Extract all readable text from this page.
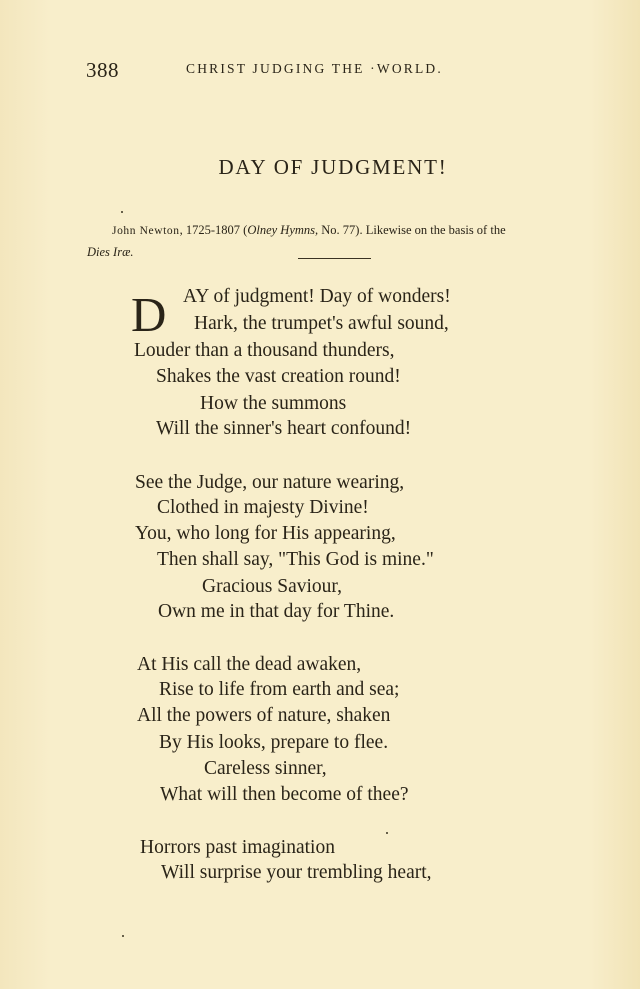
388	CHRIST JUDGING THE ·WORLD.
DAY OF JUDGMENT!
John Newton, 1725-1807 (Olney Hymns, No. 77). Likewise on the basis of the
Dies Iræ.
D AY of judgment! Day of wonders!
Hark, the trumpet's awful sound,
Louder than a thousand thunders,
Shakes the vast creation round!
How the summons
Will the sinner's heart confound!
See the Judge, our nature wearing,
Clothed in majesty Divine!
You, who long for His appearing,
Then shall say, "This God is mine."
Gracious Saviour,
Own me in that day for Thine.
At His call the dead awaken,
Rise to life from earth and sea;
All the powers of nature, shaken
By His looks, prepare to flee.
Careless sinner,
What will then become of thee?
Horrors past imagination
Will surprise your trembling heart,
